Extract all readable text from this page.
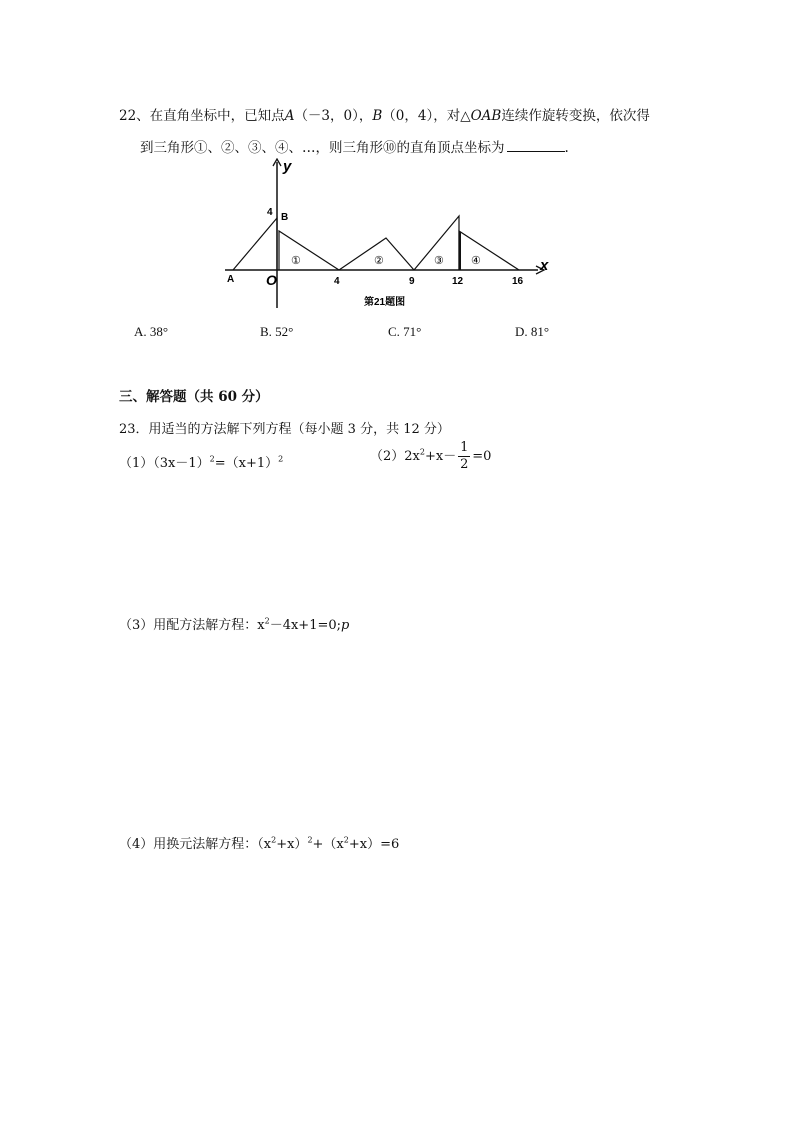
22、在直角坐标中，已知点A（－3，0），B（0，4），对△OAB连续作旋转变换，依次得
到三角形①、②、③、④、…，则三角形⑩的直角顶点坐标为	.
x
y
4 B
A O	4	9	12	16
①	②	③ ④
第21题图
A. 38°	B. 52°	C. 71°	D. 81°
三、解答题（共 60 分）
23．用适当的方法解下列方程（每小题 3 分，共 12 分）
$(1)(3x-1)^2=(x+1)^2$	$(2)2x^2+x- \frac{1}{2} =0$
（3）用配方法解方程：$x^2-4x+1=0;p$
（4）用换元法解方程：$(x^2+x)^2+(x^2+x)=6$
